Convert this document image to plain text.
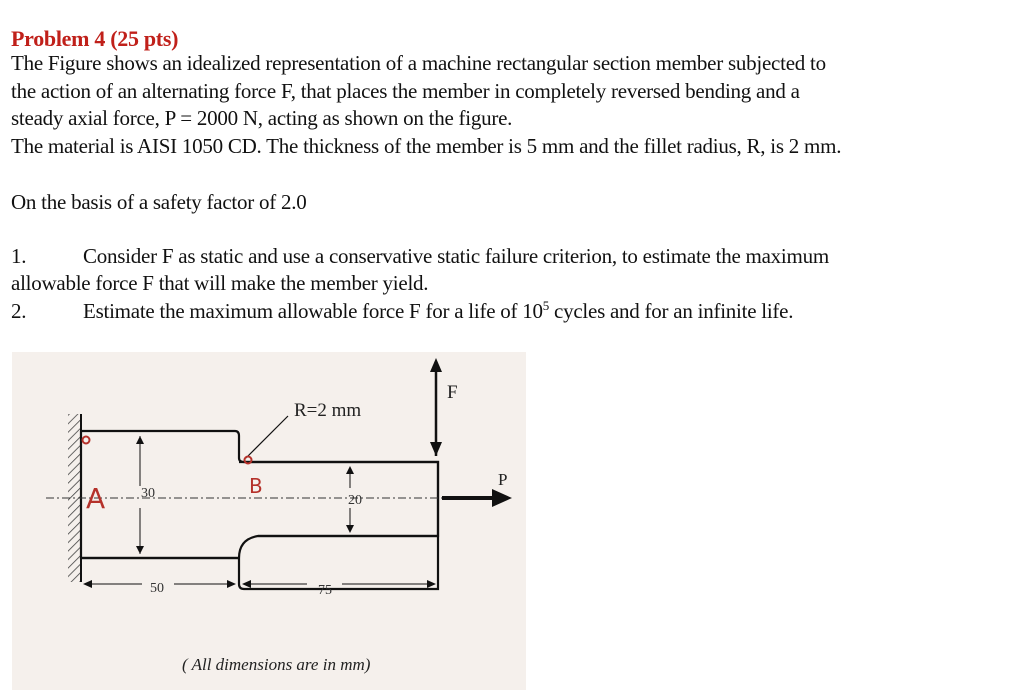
Problem 4 (25 pts)
The Figure shows an idealized representation of a machine rectangular section member subjected to
the action of an alternating force F, that places the member in completely reversed bending and a
steady axial force, P = 2000 N, acting as shown on the figure.
The material is AISI 1050 CD. The thickness of the member is 5 mm and the fillet radius, R, is 2 mm.
On the basis of a safety factor of 2.0
1.	Consider F as static and use a conservative static failure criterion, to estimate the maximum
allowable force F that will make the member yield.
2.	Estimate the maximum allowable force F for a life of $10^5$ cycles and for an infinite life.
30	20
50	75
R=2 mm
F
P
A	B
( All dimensions are in mm)
